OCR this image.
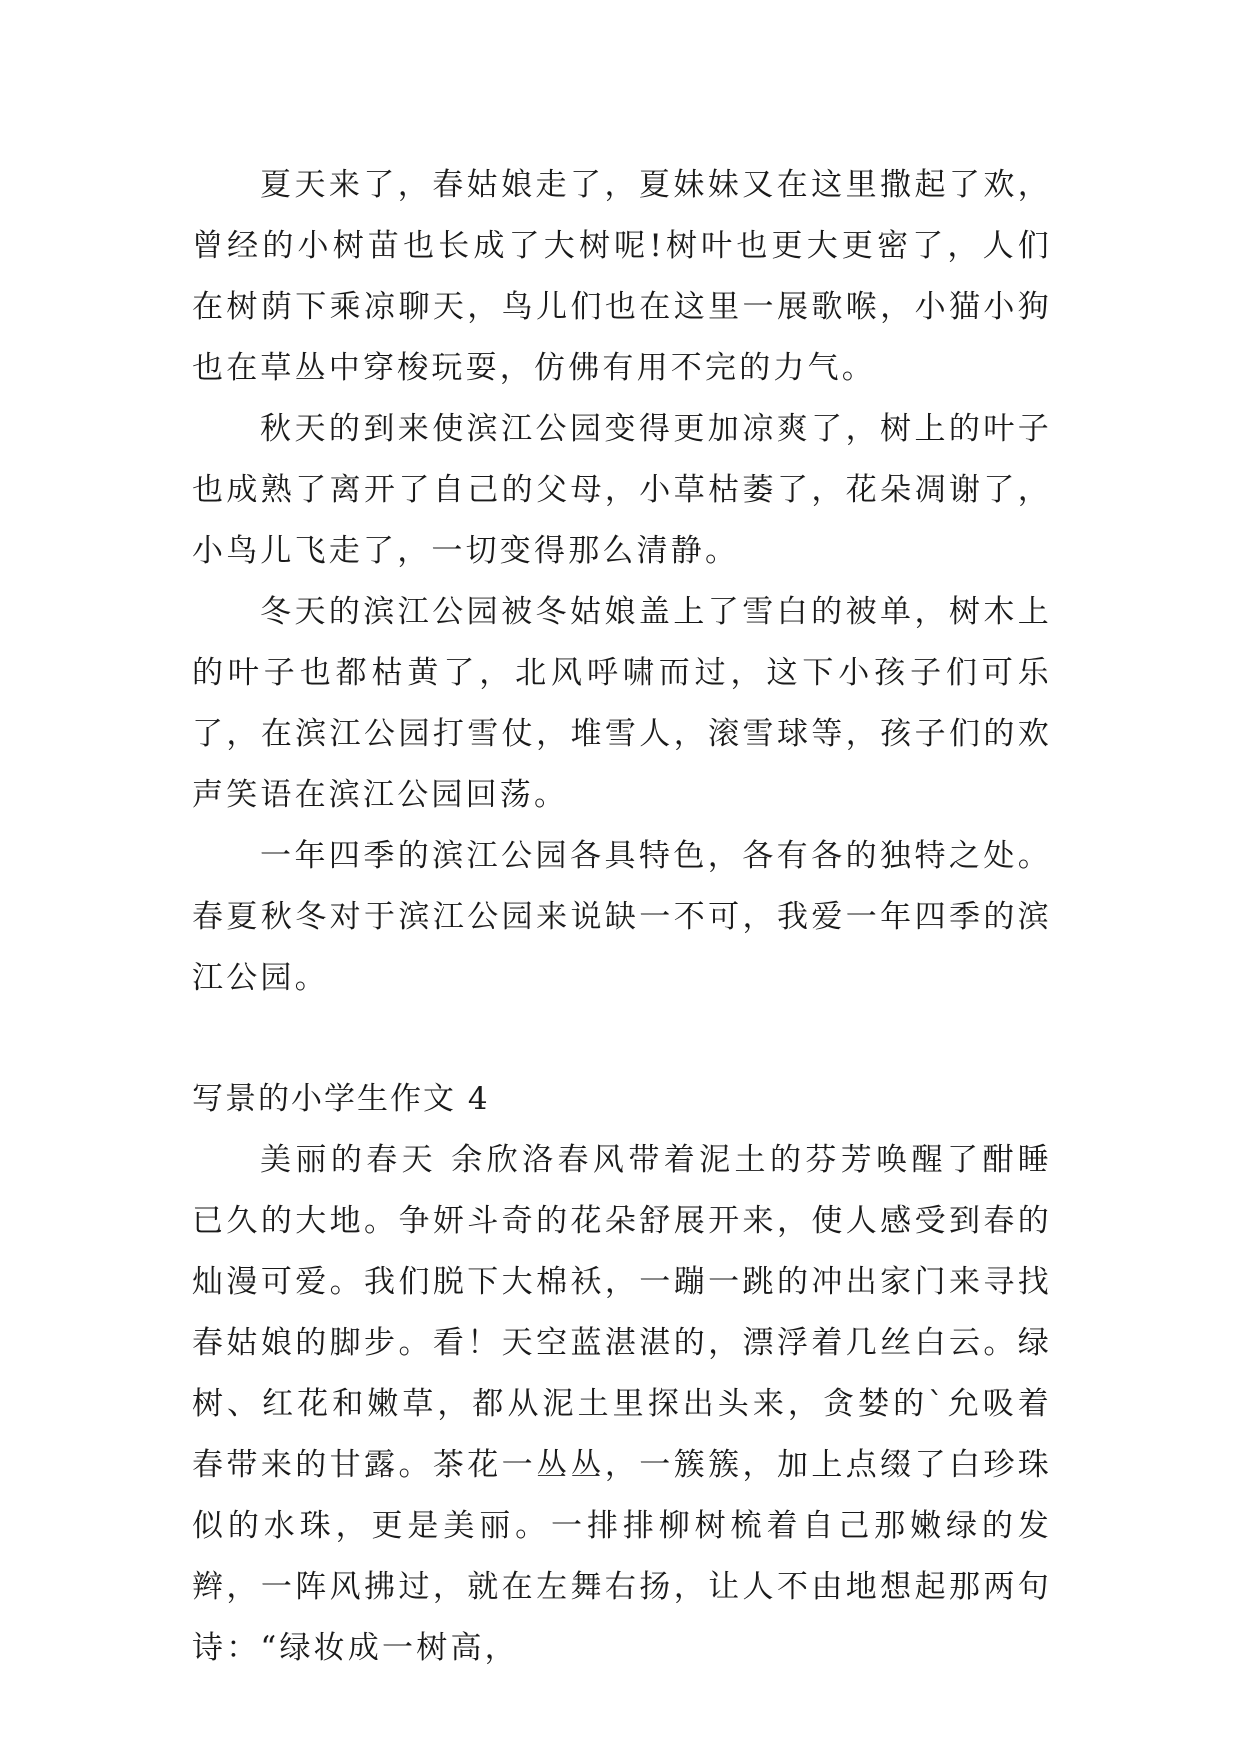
夏天来了，春姑娘走了，夏妹妹又在这里撒起了欢，曾经的小树苗也长成了大树呢!树叶也更大更密了，人们在树荫下乘凉聊天，鸟儿们也在这里一展歌喉，小猫小狗也在草丛中穿梭玩耍，仿佛有用不完的力气。

秋天的到来使滨江公园变得更加凉爽了，树上的叶子也成熟了离开了自己的父母，小草枯萎了，花朵凋谢了，小鸟儿飞走了，一切变得那么清静。

冬天的滨江公园被冬姑娘盖上了雪白的被单，树木上的叶子也都枯黄了，北风呼啸而过，这下小孩子们可乐了，在滨江公园打雪仗，堆雪人，滚雪球等，孩子们的欢声笑语在滨江公园回荡。

一年四季的滨江公园各具特色，各有各的独特之处。春夏秋冬对于滨江公园来说缺一不可，我爱一年四季的滨江公园。

写景的小学生作文 4

美丽的春天 余欣洛春风带着泥土的芬芳唤醒了酣睡已久的大地。争妍斗奇的花朵舒展开来，使人感受到春的灿漫可爱。我们脱下大棉袄，一蹦一跳的冲出家门来寻找春姑娘的脚步。看！天空蓝湛湛的，漂浮着几丝白云。绿树、红花和嫩草，都从泥土里探出头来，贪婪的`允吸着春带来的甘露。茶花一丛丛，一簇簇，加上点缀了白珍珠似的水珠，更是美丽。一排排柳树梳着自己那嫩绿的发辫，一阵风拂过，就在左舞右扬，让人不由地想起那两句诗：“绿妆成一树高，
